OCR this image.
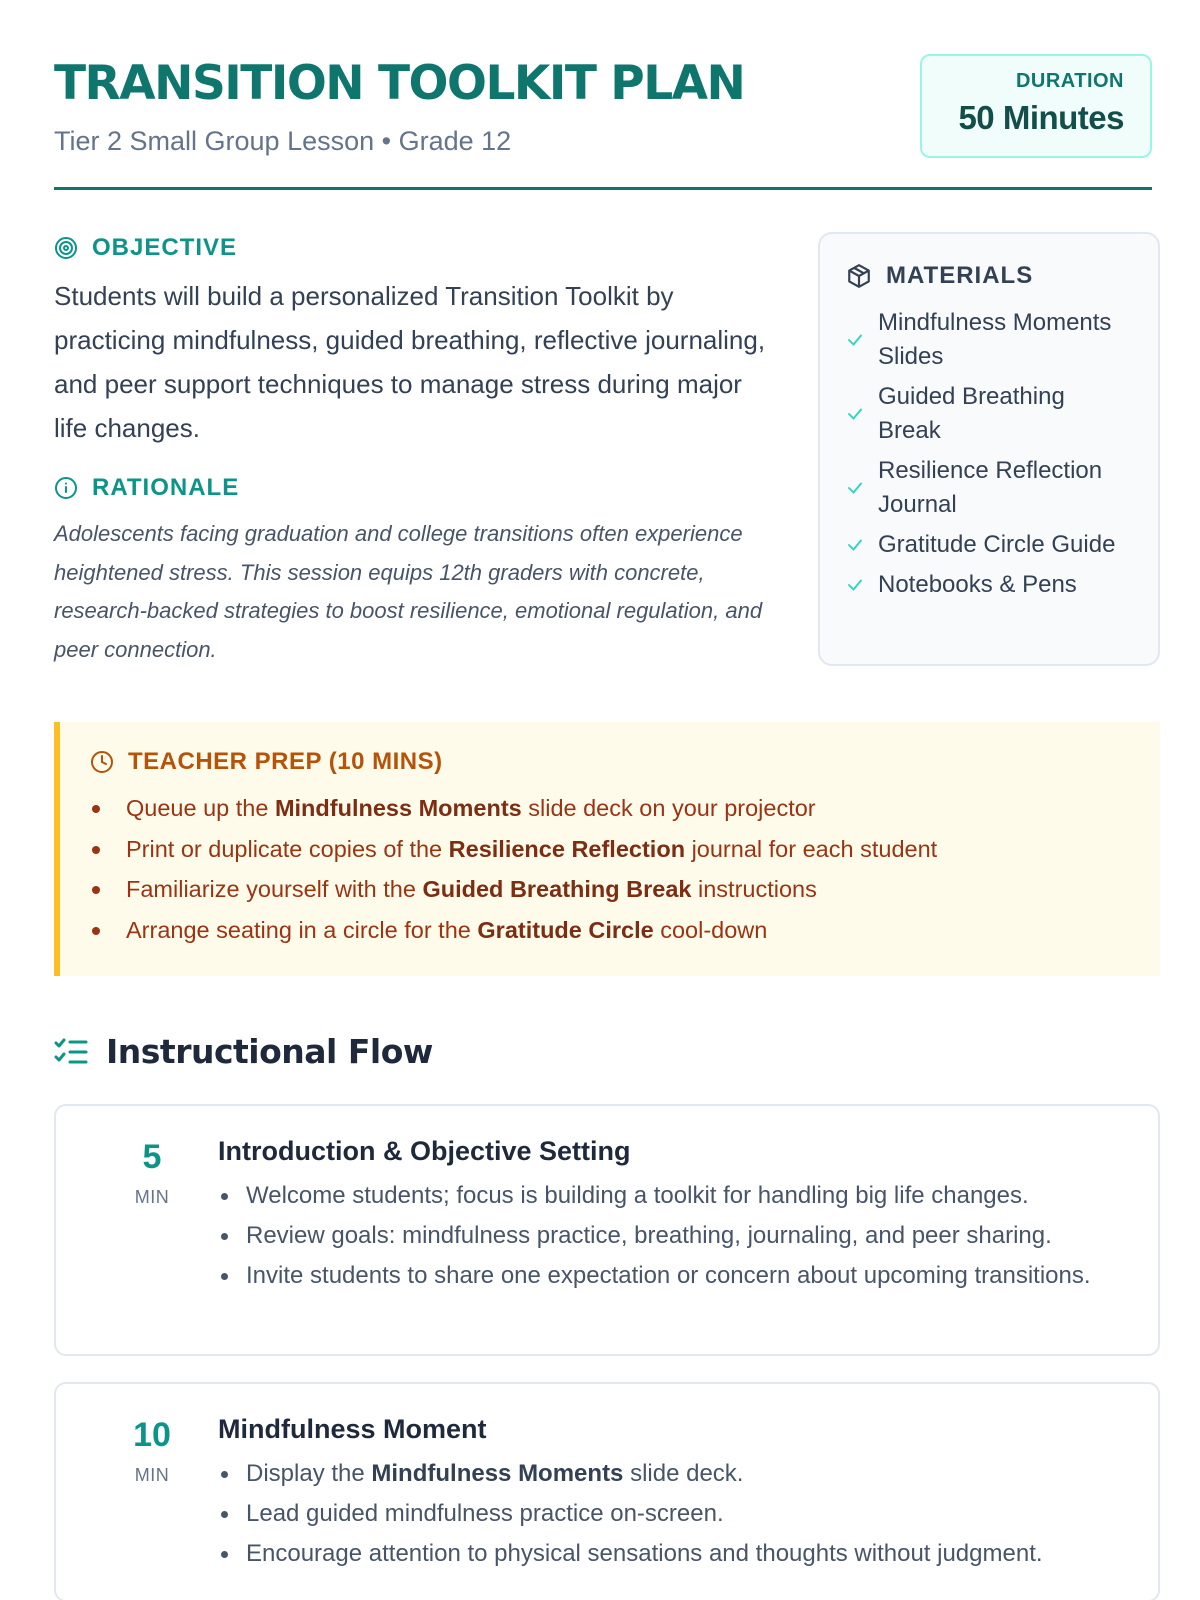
TRANSITION TOOLKIT PLAN
Tier 2 Small Group Lesson • Grade 12
DURATION
50 Minutes
OBJECTIVE
Students will build a personalized Transition Toolkit by practicing mindfulness, guided breathing, reflective journaling, and peer support techniques to manage stress during major life changes.
RATIONALE
Adolescents facing graduation and college transitions often experience heightened stress. This session equips 12th graders with concrete, research-backed strategies to boost resilience, emotional regulation, and peer connection.
MATERIALS
Mindfulness Moments Slides
Guided Breathing Break
Resilience Reflection Journal
Gratitude Circle Guide
Notebooks & Pens
TEACHER PREP (10 MINS)
Queue up the Mindfulness Moments slide deck on your projector
Print or duplicate copies of the Resilience Reflection journal for each student
Familiarize yourself with the Guided Breathing Break instructions
Arrange seating in a circle for the Gratitude Circle cool-down
Instructional Flow
5
MIN
Introduction & Objective Setting
Welcome students; focus is building a toolkit for handling big life changes.
Review goals: mindfulness practice, breathing, journaling, and peer sharing.
Invite students to share one expectation or concern about upcoming transitions.
10
MIN
Mindfulness Moment
Display the Mindfulness Moments slide deck.
Lead guided mindfulness practice on-screen.
Encourage attention to physical sensations and thoughts without judgment.
